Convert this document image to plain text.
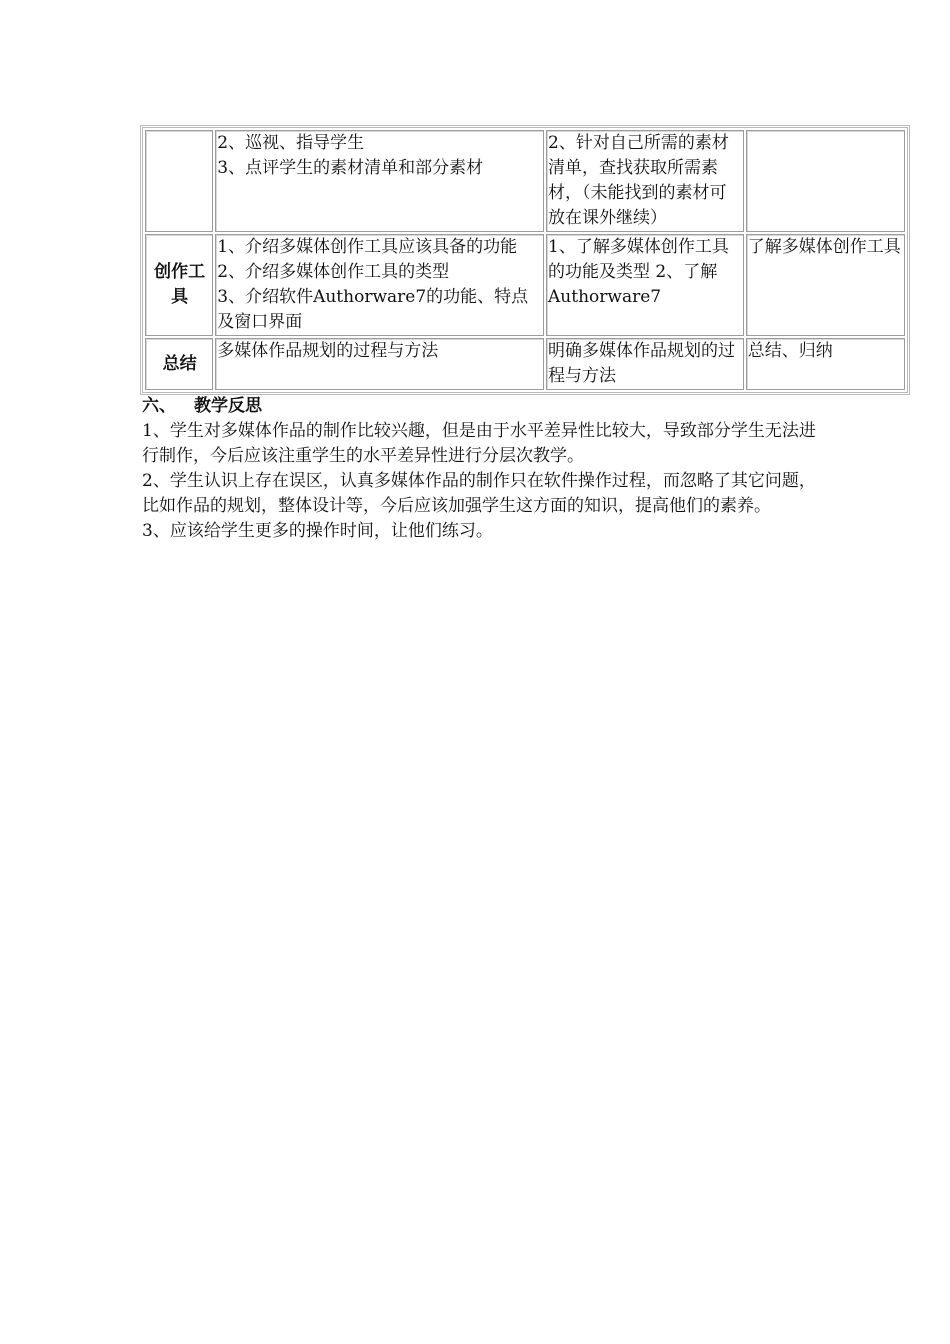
	2、巡视、指导学生
3、点评学生的素材清单和部分素材	2、针对自己所需的素材清单，查找获取所需素材，（未能找到的素材可放在课外继续）	

创作工具	1、介绍多媒体创作工具应该具备的功能
2、介绍多媒体创作工具的类型
3、介绍软件Authorware7的功能、特点
及窗口界面	1、了解多媒体创作工具的功能及类型 2、了解Authorware7	了解多媒体创作工具
总结	多媒体作品规划的过程与方法	明确多媒体作品规划的过程与方法	总结、归纳
六、 教学反思

1、学生对多媒体作品的制作比较兴趣，但是由于水平差异性比较大，导致部分学生无法进行制作，今后应该注重学生的水平差异性进行分层次教学。

2、学生认识上存在误区，认真多媒体作品的制作只在软件操作过程，而忽略了其它问题，比如作品的规划，整体设计等，今后应该加强学生这方面的知识，提高他们的素养。

3、应该给学生更多的操作时间，让他们练习。
